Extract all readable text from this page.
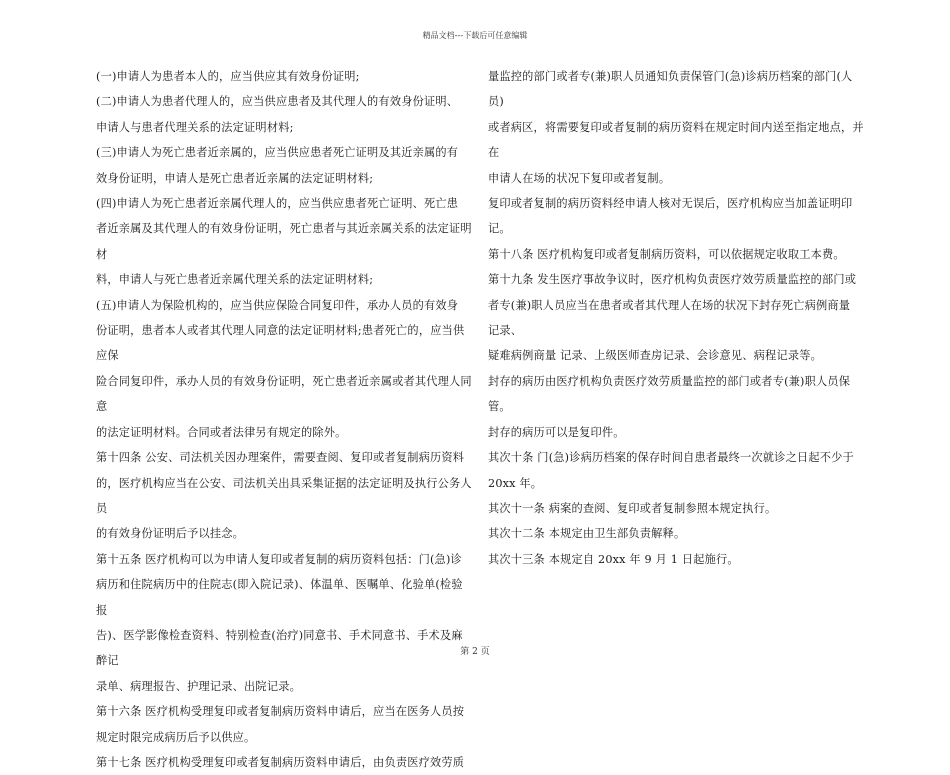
精品文档---下载后可任意编辑

(一)申请人为患者本人的，应当供应其有效身份证明;

(二)申请人为患者代理人的，应当供应患者及其代理人的有效身份证明、

申请人与患者代理关系的法定证明材料;

(三)申请人为死亡患者近亲属的，应当供应患者死亡证明及其近亲属的有

效身份证明，申请人是死亡患者近亲属的法定证明材料;

(四)申请人为死亡患者近亲属代理人的，应当供应患者死亡证明、死亡患

者近亲属及其代理人的有效身份证明，死亡患者与其近亲属关系的法定证明材

料，申请人与死亡患者近亲属代理关系的法定证明材料;

(五)申请人为保险机构的，应当供应保险合同复印件，承办人员的有效身

份证明，患者本人或者其代理人同意的法定证明材料;患者死亡的，应当供应保

险合同复印件，承办人员的有效身份证明，死亡患者近亲属或者其代理人同意

的法定证明材料。合同或者法律另有规定的除外。

第十四条 公安、司法机关因办理案件，需要查阅、复印或者复制病历资料

的，医疗机构应当在公安、司法机关出具采集证据的法定证明及执行公务人员

的有效身份证明后予以挂念。

第十五条 医疗机构可以为申请人复印或者复制的病历资料包括：门(急)诊

病历和住院病历中的住院志(即入院记录)、体温单、医嘱单、化验单(检验报

告)、医学影像检查资料、特别检查(治疗)同意书、手术同意书、手术及麻醉记

录单、病理报告、护理记录、出院记录。

第十六条 医疗机构受理复印或者复制病历资料申请后，应当在医务人员按

规定时限完成病历后予以供应。

第十七条 医疗机构受理复印或者复制病历资料申请后，由负责医疗效劳质

量监控的部门或者专(兼)职人员通知负责保管门(急)诊病历档案的部门(人员)

或者病区，将需要复印或者复制的病历资料在规定时间内送至指定地点，并在

申请人在场的状况下复印或者复制。

复印或者复制的病历资料经申请人核对无误后，医疗机构应当加盖证明印

记。

第十八条 医疗机构复印或者复制病历资料，可以依据规定收取工本费。

第十九条 发生医疗事故争议时，医疗机构负责医疗效劳质量监控的部门或

者专(兼)职人员应当在患者或者其代理人在场的状况下封存死亡病例商量 记录、

疑难病例商量 记录、上级医师查房记录、会诊意见、病程记录等。

封存的病历由医疗机构负责医疗效劳质量监控的部门或者专(兼)职人员保

管。

封存的病历可以是复印件。

其次十条 门(急)诊病历档案的保存时间自患者最终一次就诊之日起不少于

20xx 年。

其次十一条 病案的查阅、复印或者复制参照本规定执行。

其次十二条 本规定由卫生部负责解释。

其次十三条 本规定自 20xx 年 9 月 1 日起施行。

第 2 页
